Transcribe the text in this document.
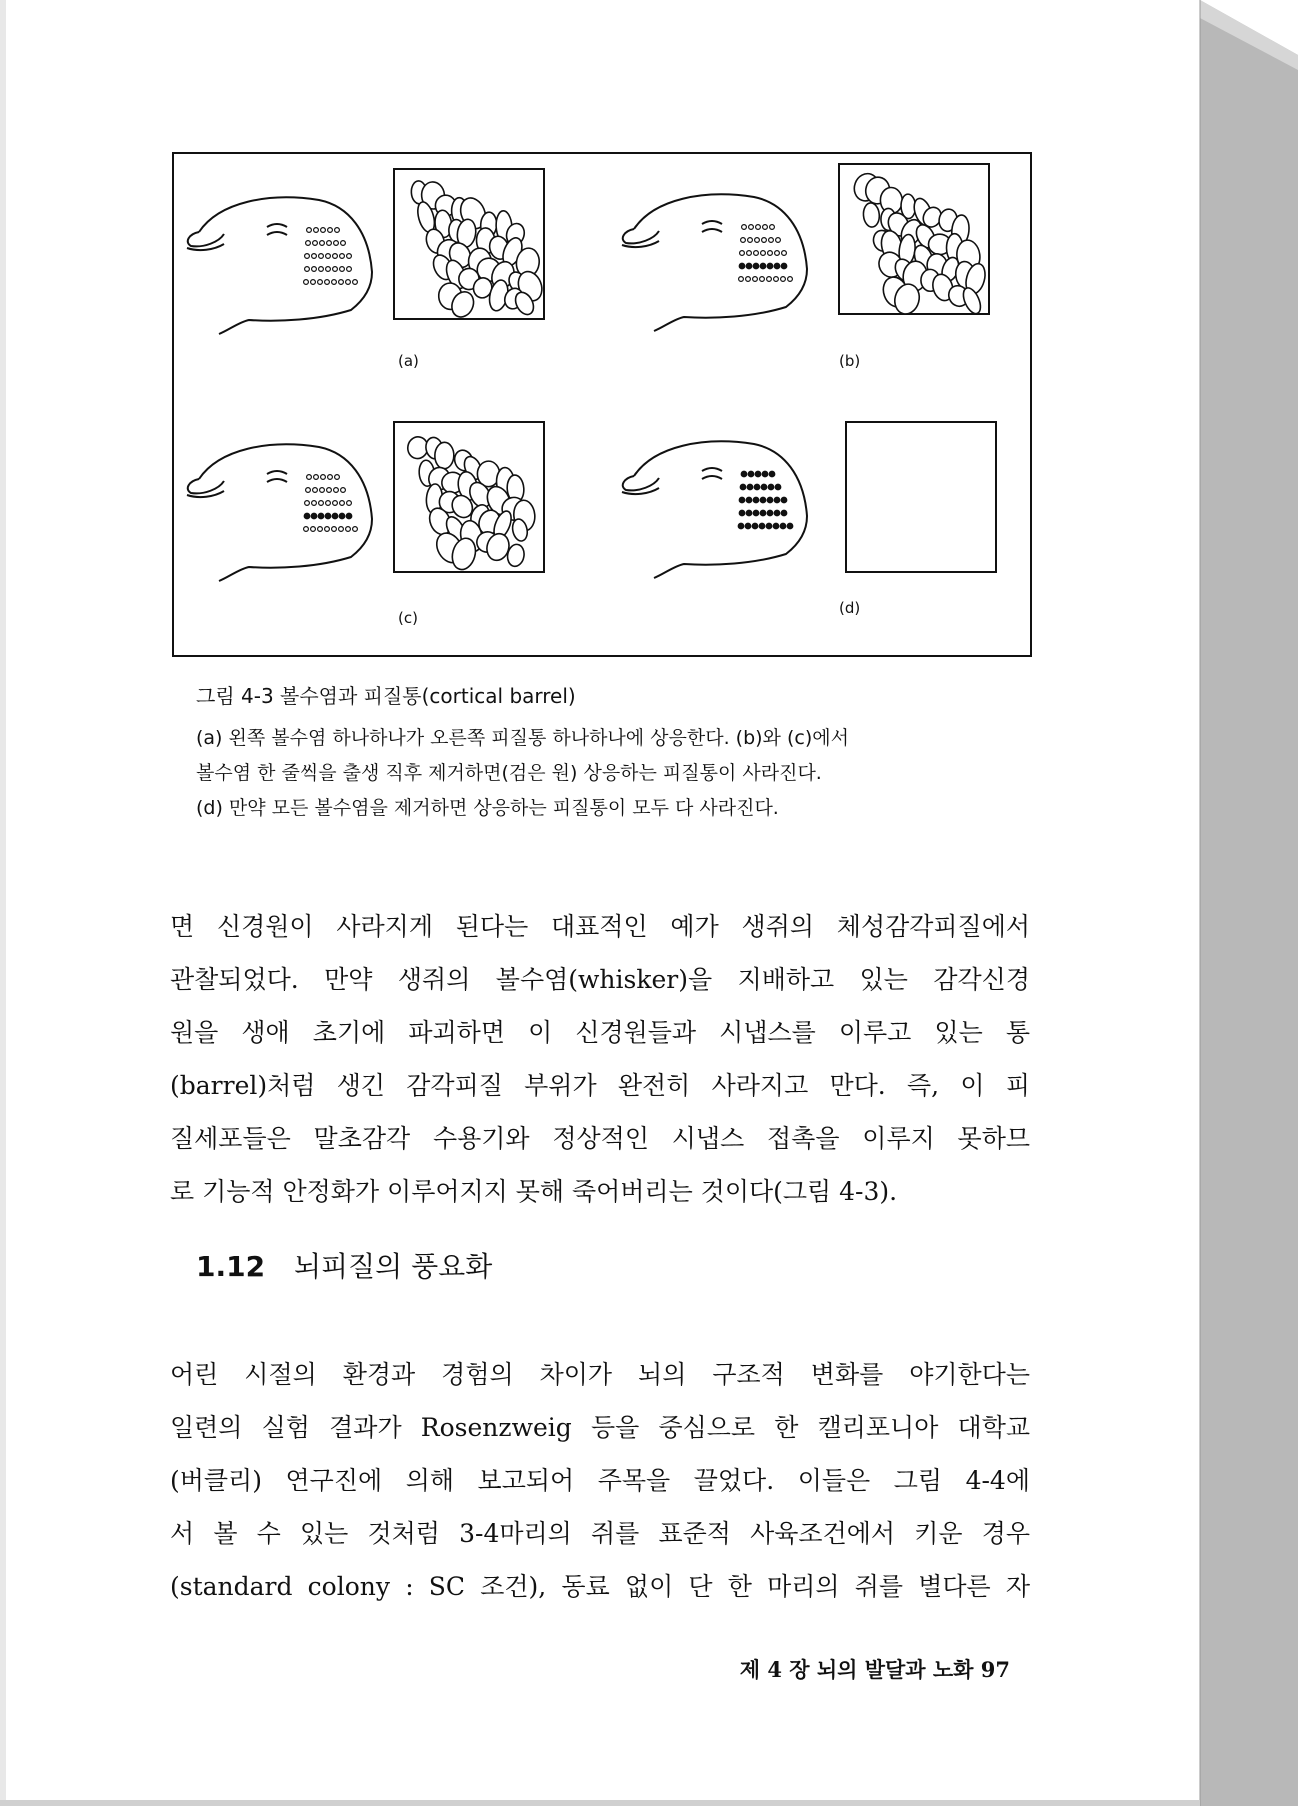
(a)	(b)
(c)
(d)

그림 4-3 볼수염과 피질통(cortical barrel)

(a) 왼쪽 볼수염 하나하나가 오른쪽 피질통 하나하나에 상응한다. (b)와 (c)에서

볼수염 한 줄씩을 출생 직후 제거하면(검은 원) 상응하는 피질통이 사라진다.

(d) 만약 모든 볼수염을 제거하면 상응하는 피질통이 모두 다 사라진다.

면 신경원이 사라지게 된다는 대표적인 예가 생쥐의 체성감각피질에서

관찰되었다. 만약 생쥐의 볼수염(whisker)을 지배하고 있는 감각신경

원을 생애 초기에 파괴하면 이 신경원들과 시냅스를 이루고 있는 통

(barrel)처럼 생긴 감각피질 부위가 완전히 사라지고 만다. 즉, 이 피

질세포들은 말초감각 수용기와 정상적인 시냅스 접촉을 이루지 못하므

로 기능적 안정화가 이루어지지 못해 죽어버리는 것이다(그림 4-3).

1.12 뇌피질의 풍요화

어린 시절의 환경과 경험의 차이가 뇌의 구조적 변화를 야기한다는

일련의 실험 결과가 Rosenzweig 등을 중심으로 한 캘리포니아 대학교

(버클리) 연구진에 의해 보고되어 주목을 끌었다. 이들은 그림 4-4에

서 볼 수 있는 것처럼 3-4마리의 쥐를 표준적 사육조건에서 키운 경우

(standard colony : SC 조건), 동료 없이 단 한 마리의 쥐를 별다른 자

제 4 장 뇌의 발달과 노화 97
